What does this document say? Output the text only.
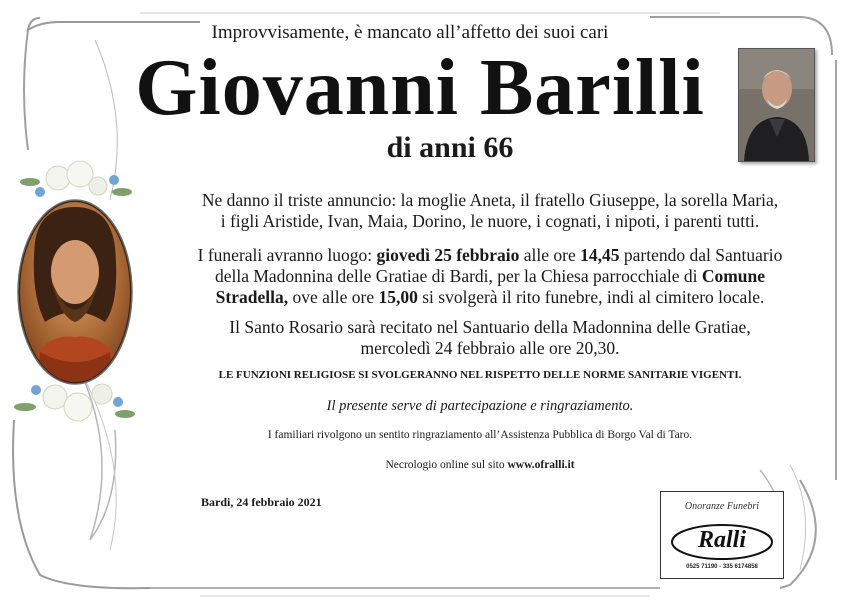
Improvvisamente, è mancato all’affetto dei suoi cari
Giovanni Barilli
di anni 66
Ne danno il triste annuncio: la moglie Aneta, il fratello Giuseppe, la sorella Maria,
i figli Aristide, Ivan, Maia, Dorino, le nuore, i cognati, i nipoti, i parenti tutti.
I funerali avranno luogo: giovedì 25 febbraio alle ore 14,45 partendo dal Santuario
della Madonnina delle Gratiae di Bardi, per la Chiesa parrocchiale di Comune
Stradella, ove alle ore 15,00 si svolgerà il rito funebre, indi al cimitero locale.
Il Santo Rosario sarà recitato nel Santuario della Madonnina delle Gratiae,
mercoledì 24 febbraio alle ore 20,30.
LE FUNZIONI RELIGIOSE SI SVOLGERANNO NEL RISPETTO DELLE NORME SANITARIE VIGENTI.
Il presente serve di partecipazione e ringraziamento.
I familiari rivolgono un sentito ringraziamento all’Assistenza Pubblica di Borgo Val di Taro.
Necrologio online sul sito www.ofralli.it
Bardi, 24 febbraio 2021	Onoranze Funebri
Ralli
0525 71190 - 335 6174858
